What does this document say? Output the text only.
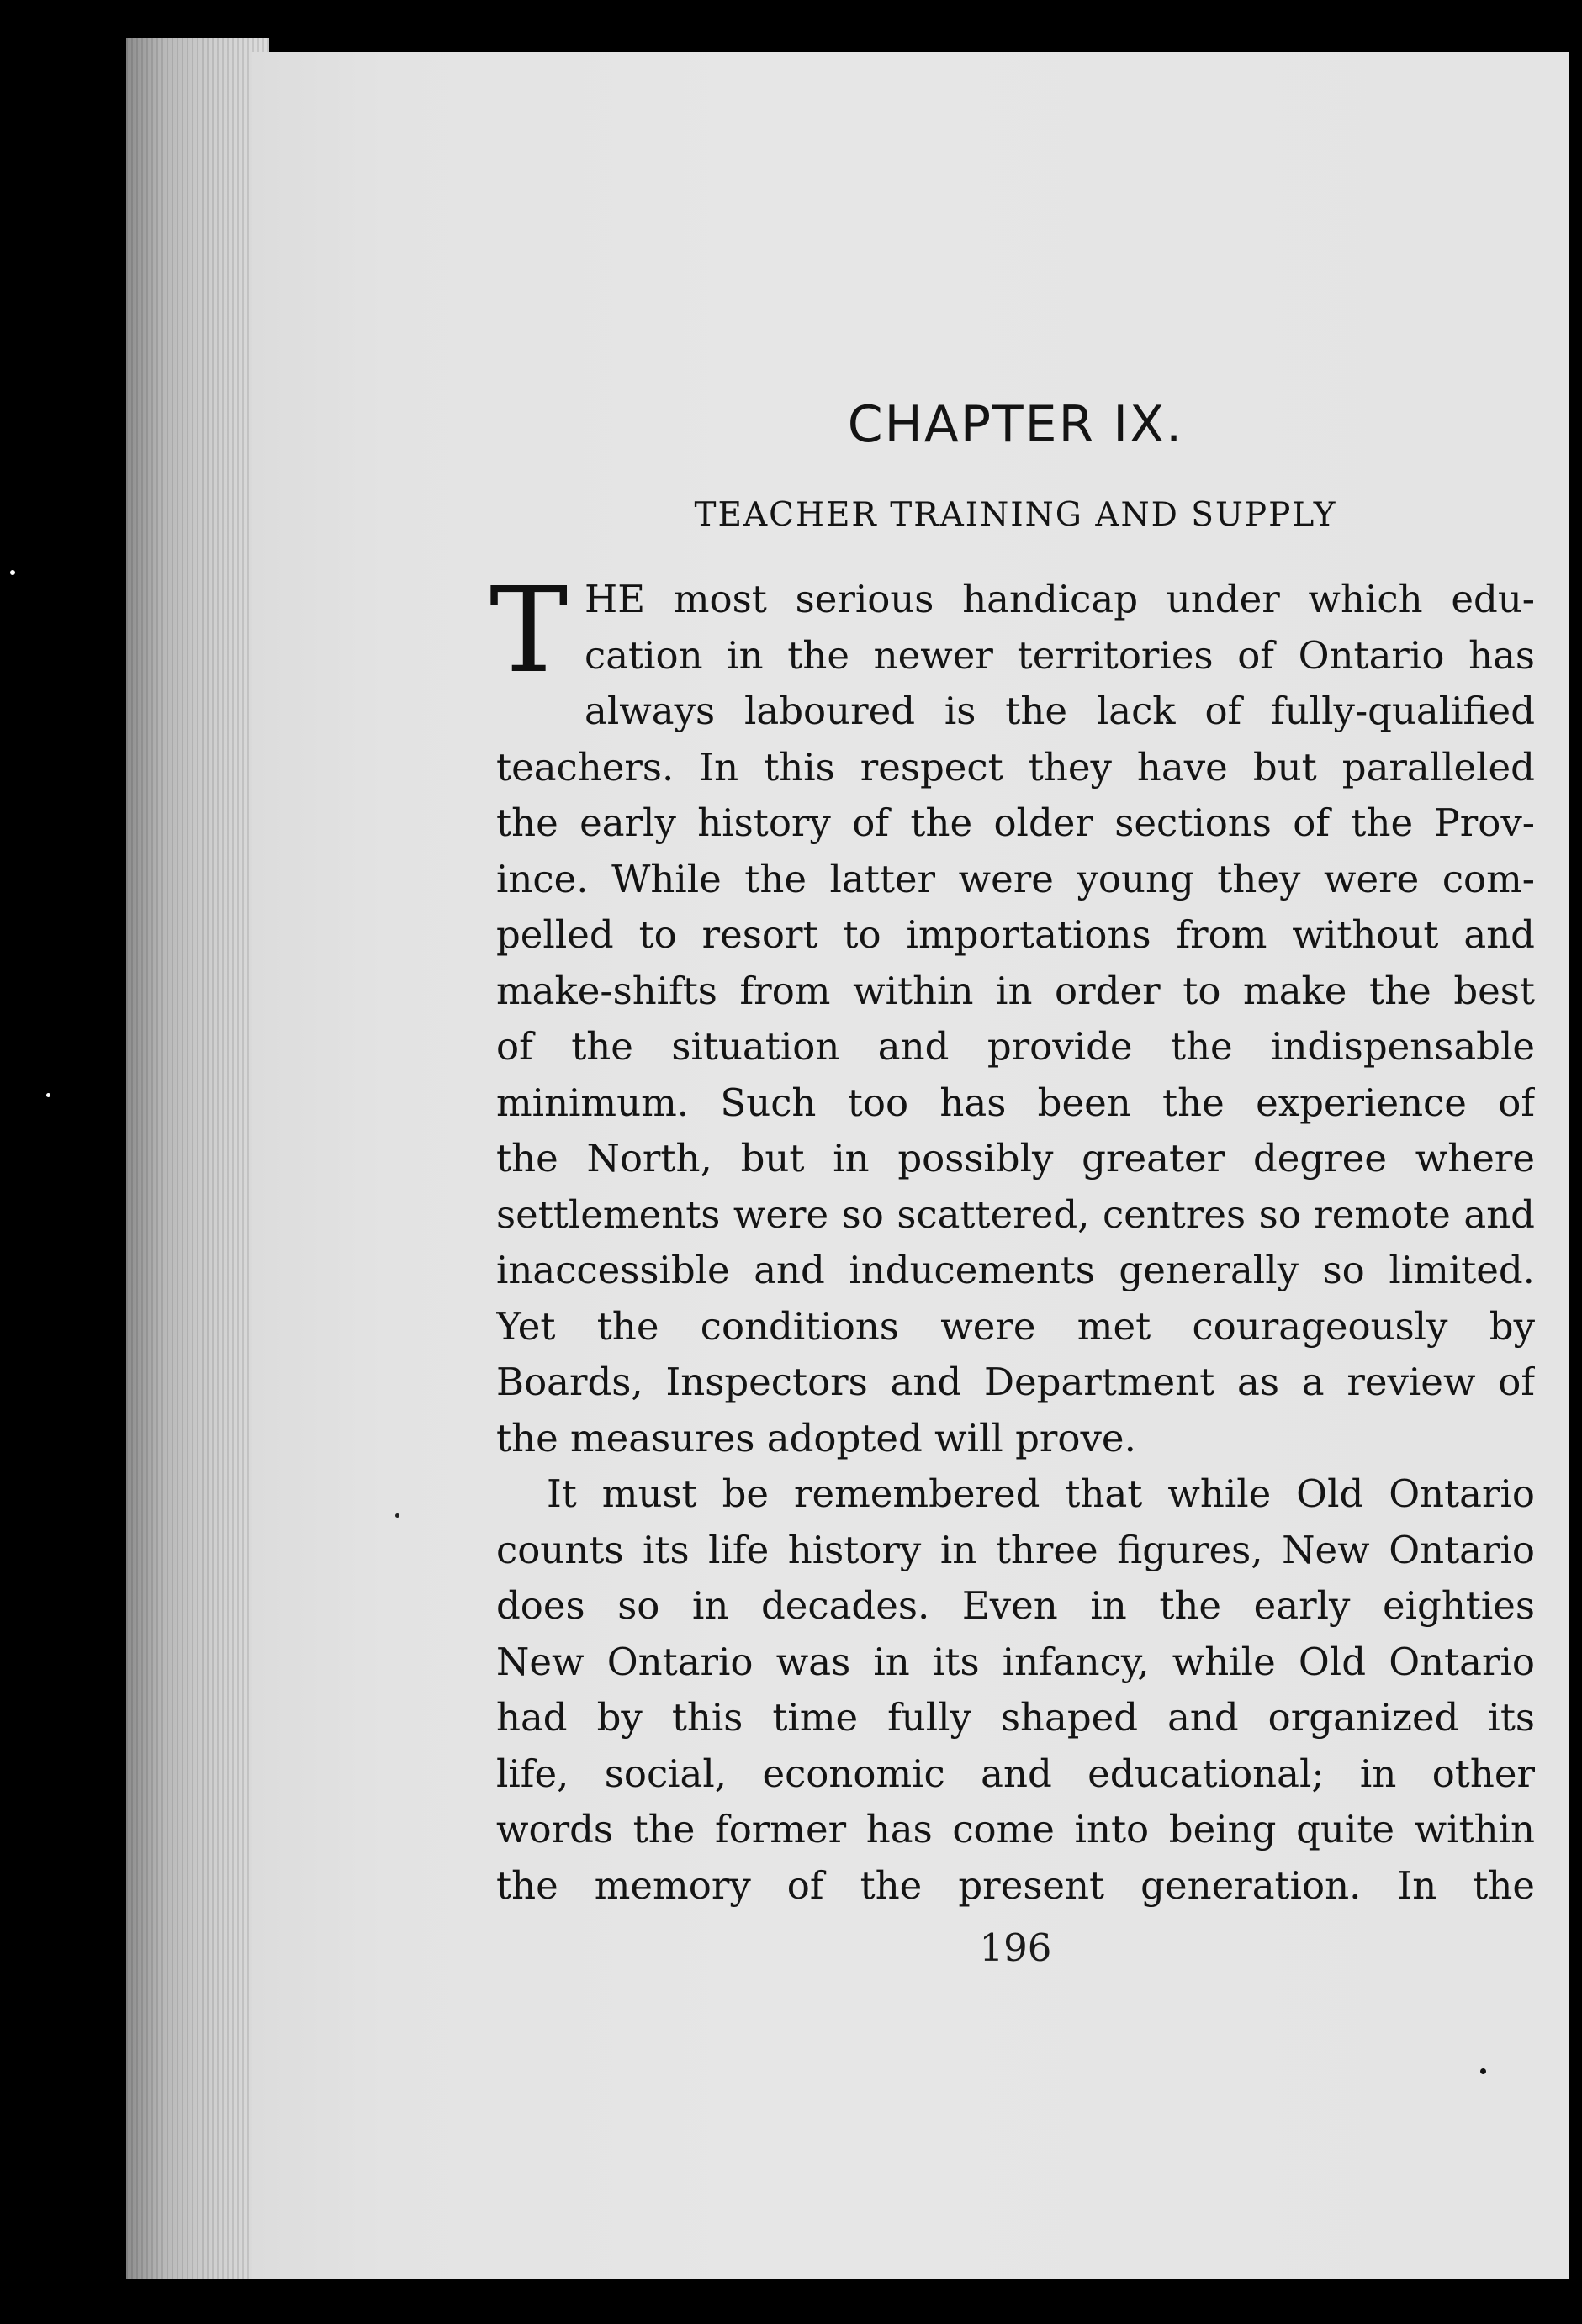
CHAPTER IX.
TEACHER TRAINING AND SUPPLY
T HE most serious handicap under which edu-
cation in the newer territories of Ontario has
always laboured is the lack of fully-qualified
teachers. In this respect they have but paralleled
the early history of the older sections of the Prov-
ince. While the latter were young they were com-
pelled to resort to importations from without and
make-shifts from within in order to make the best
of the situation and provide the indispensable
minimum. Such too has been the experience of
the North, but in possibly greater degree where
settlements were so scattered, centres so remote and
inaccessible and inducements generally so limited.
Yet the conditions were met courageously by
Boards, Inspectors and Department as a review of
the measures adopted will prove.
It must be remembered that while Old Ontario
counts its life history in three figures, New Ontario
does so in decades. Even in the early eighties
New Ontario was in its infancy, while Old Ontario
had by this time fully shaped and organized its
life, social, economic and educational; in other
words the former has come into being quite within
the memory of the present generation. In the
196
